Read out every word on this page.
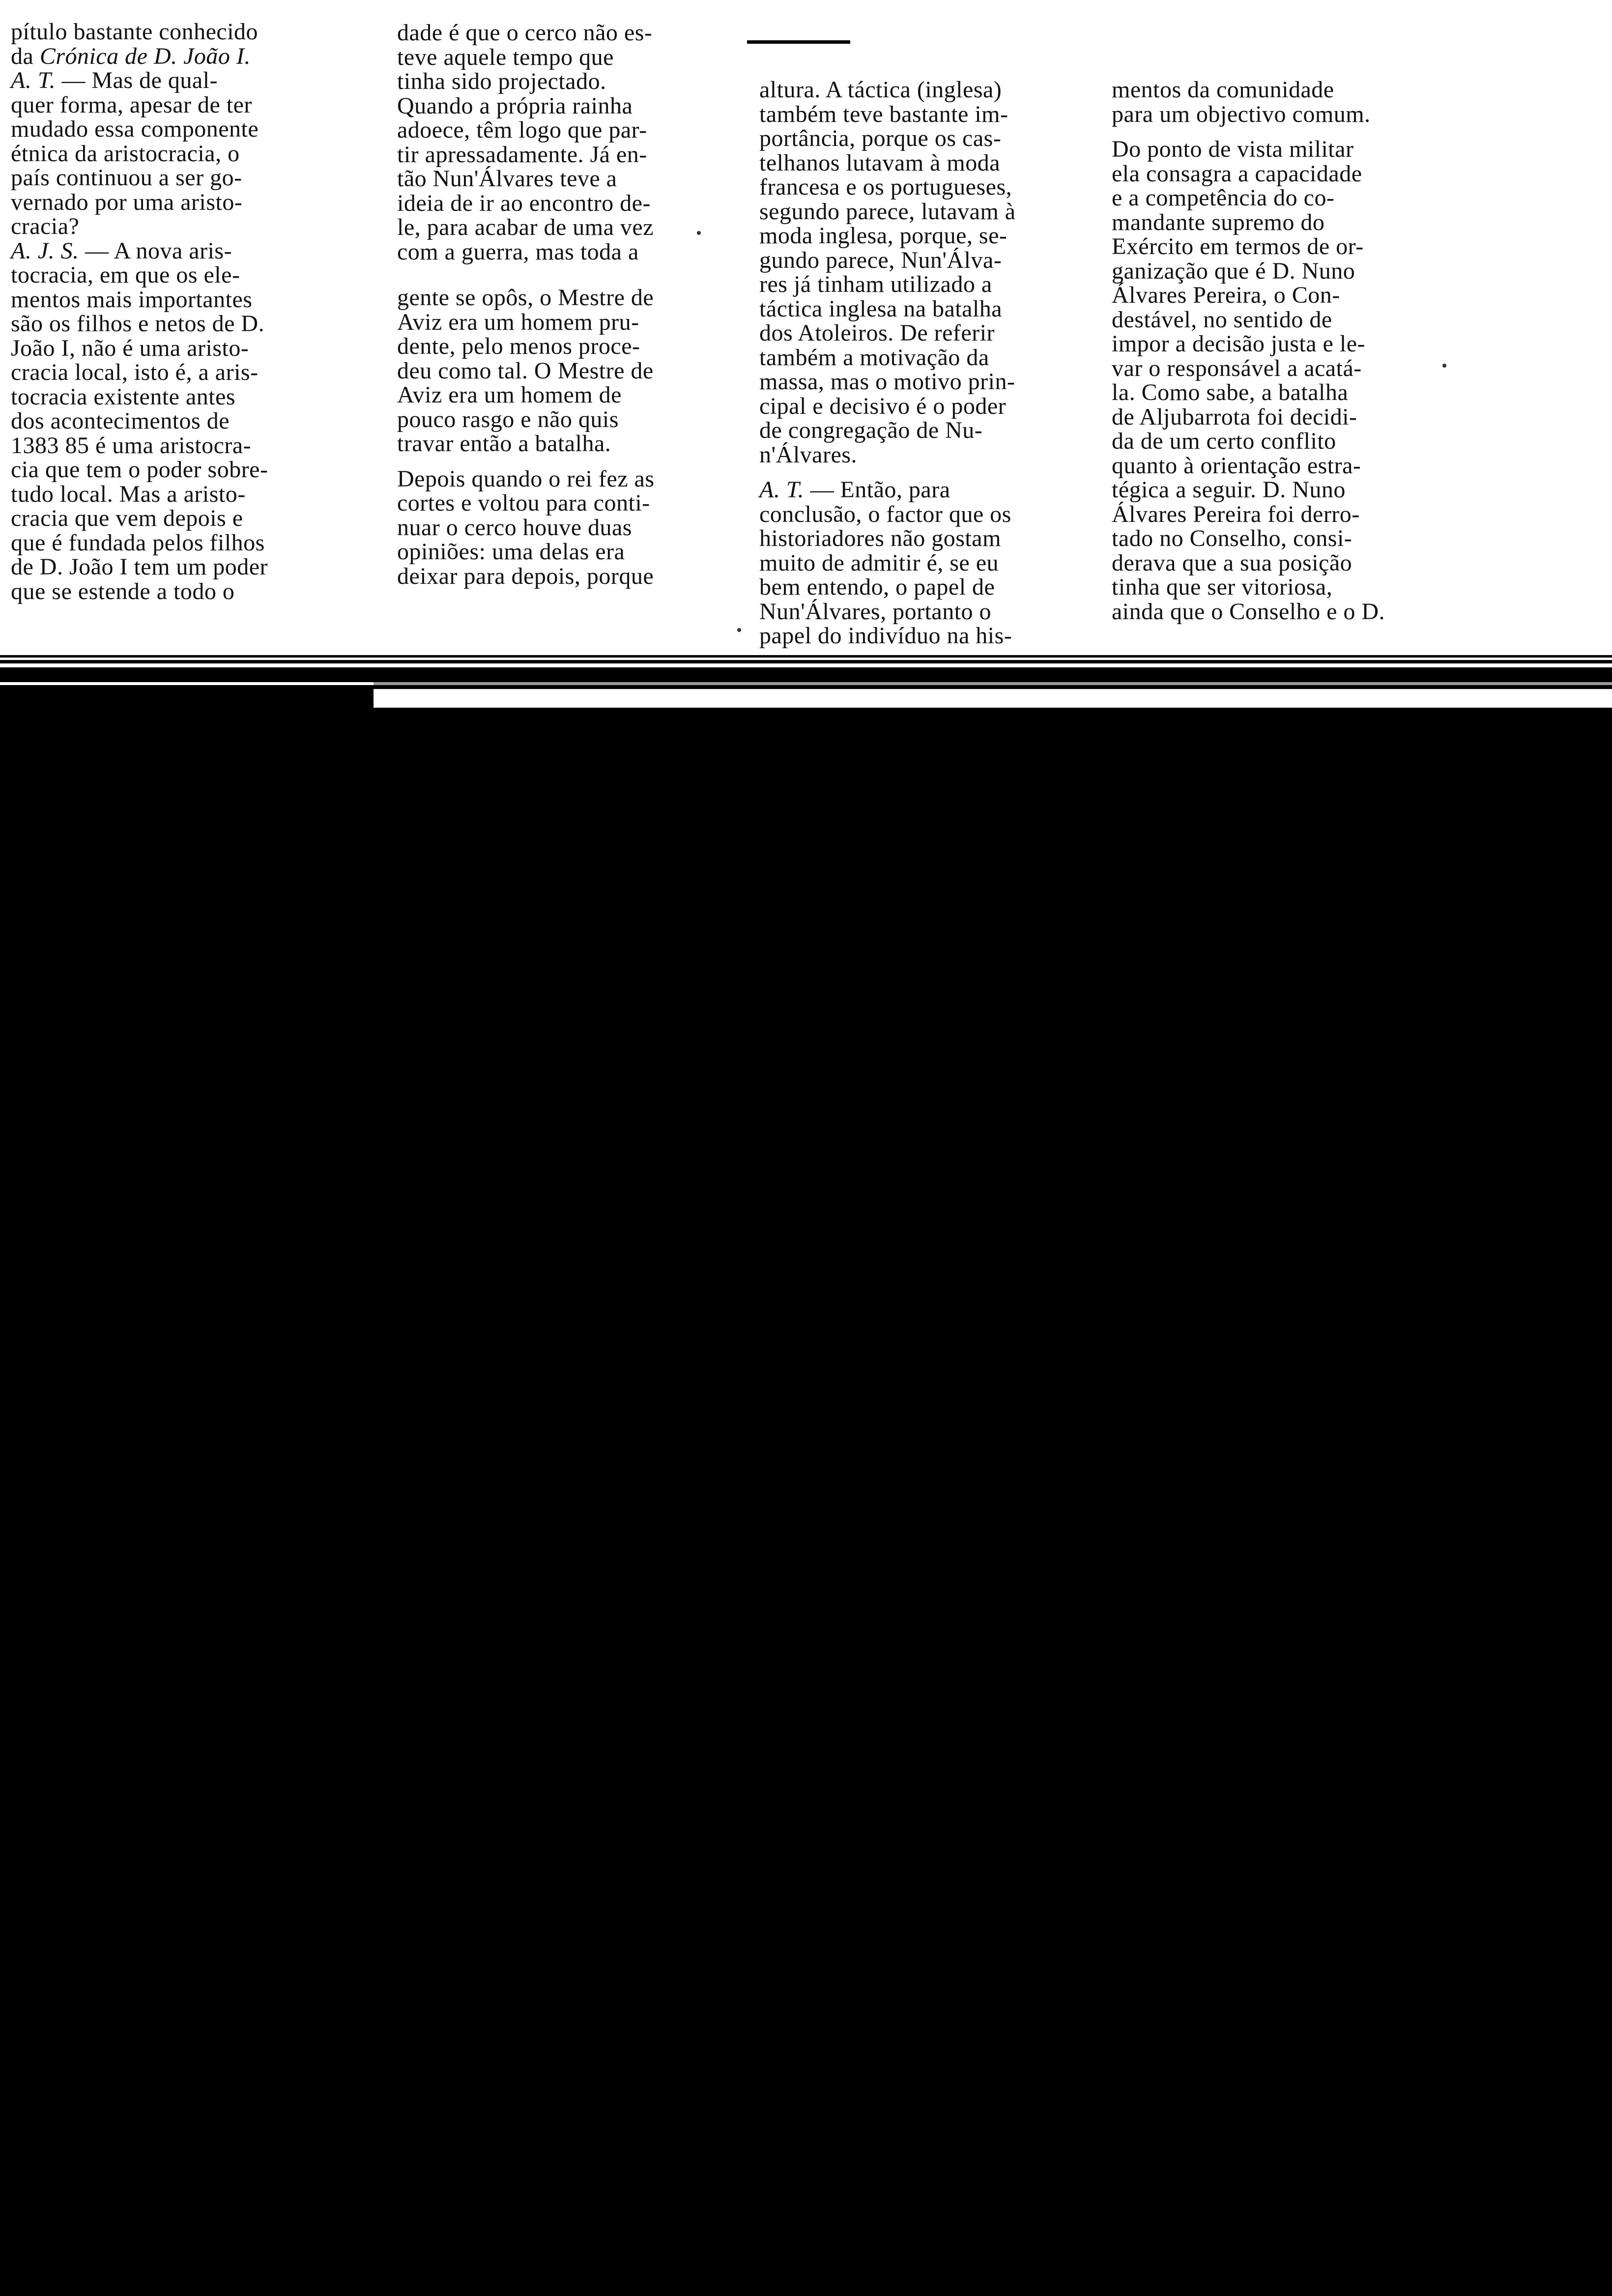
pítulo bastante conhecido
da Crónica de D. João I.
A. T. — Mas de qual-
quer forma, apesar de ter
mudado essa componente
étnica da aristocracia, o
país continuou a ser go-
vernado por uma aristo-
cracia?
A. J. S. — A nova aris-
tocracia, em que os ele-
mentos mais importantes
são os filhos e netos de D.
João I, não é uma aristo-
cracia local, isto é, a aris-
tocracia existente antes
dos acontecimentos de
1383 85 é uma aristocra-
cia que tem o poder sobre-
tudo local. Mas a aristo-
cracia que vem depois e
que é fundada pelos filhos
de D. João I tem um poder
que se estende a todo o
dade é que o cerco não es-
teve aquele tempo que
tinha sido projectado.
Quando a própria rainha
adoece, têm logo que par-
tir apressadamente. Já en-
tão Nun'Álvares teve a
ideia de ir ao encontro de-
le, para acabar de uma vez
com a guerra, mas toda a
gente se opôs, o Mestre de
Aviz era um homem pru-
dente, pelo menos proce-
deu como tal. O Mestre de
Aviz era um homem de
pouco rasgo e não quis
travar então a batalha.
Depois quando o rei fez as
cortes e voltou para conti-
nuar o cerco houve duas
opiniões: uma delas era
deixar para depois, porque
altura. A táctica (inglesa)
também teve bastante im-
portância, porque os cas-
telhanos lutavam à moda
francesa e os portugueses,
segundo parece, lutavam à
moda inglesa, porque, se-
gundo parece, Nun'Álva-
res já tinham utilizado a
táctica inglesa na batalha
dos Atoleiros. De referir
também a motivação da
massa, mas o motivo prin-
cipal e decisivo é o poder
de congregação de Nu-
n'Álvares.
A. T. — Então, para
conclusão, o factor que os
historiadores não gostam
muito de admitir é, se eu
bem entendo, o papel de
Nun'Álvares, portanto o
papel do indivíduo na his-
mentos da comunidade
para um objectivo comum.
Do ponto de vista militar
ela consagra a capacidade
e a competência do co-
mandante supremo do
Exército em termos de or-
ganização que é D. Nuno
Álvares Pereira, o Con-
destável, no sentido de
impor a decisão justa e le-
var o responsável a acatá-
la. Como sabe, a batalha
de Aljubarrota foi decidi-
da de um certo conflito
quanto à orientação estra-
tégica a seguir. D. Nuno
Álvares Pereira foi derro-
tado no Conselho, consi-
derava que a sua posição
tinha que ser vitoriosa,
ainda que o Conselho e o D.
